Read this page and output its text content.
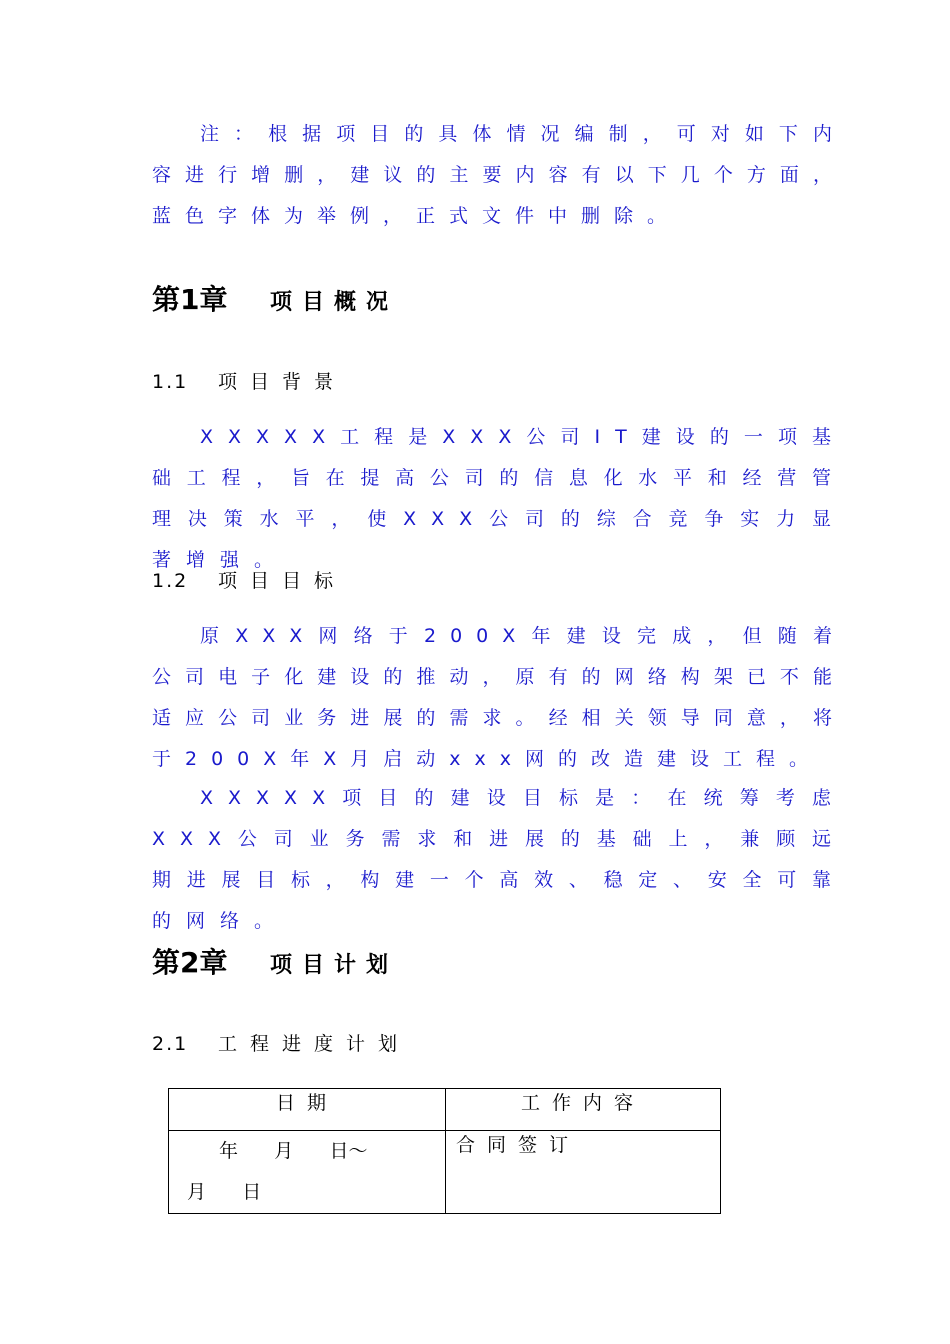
注：根据项目的具体情况编制，可对如下内容进行增删，建议的主要内容有以下几个方面，蓝色字体为举例，正式文件中删除。

第1章 项目概况
1.1 项目背景

XXXXX工程是XXX公司IT建设的一项基础工程，旨在提高公司的信息化水平和经营管理决策水平，使XXX公司的综合竞争实力显著增强。

1.2 项目目标

原XXX网络于200X年建设完成，但随着公司电子化建设的推动，原有的网络构架已不能适应公司业务进展的需求。经相关领导同意，将于200X年X月启动xxx网的改造建设工程。

XXXXX项目的建设目标是：在统筹考虑XXX公司业务需求和进展的基础上，兼顾远期进展目标，构建一个高效、稳定、安全可靠的网络。

第2章 项目计划
2.1 工程进度计划
日期	工作内容

年      月      日～
月      日	合同签订
